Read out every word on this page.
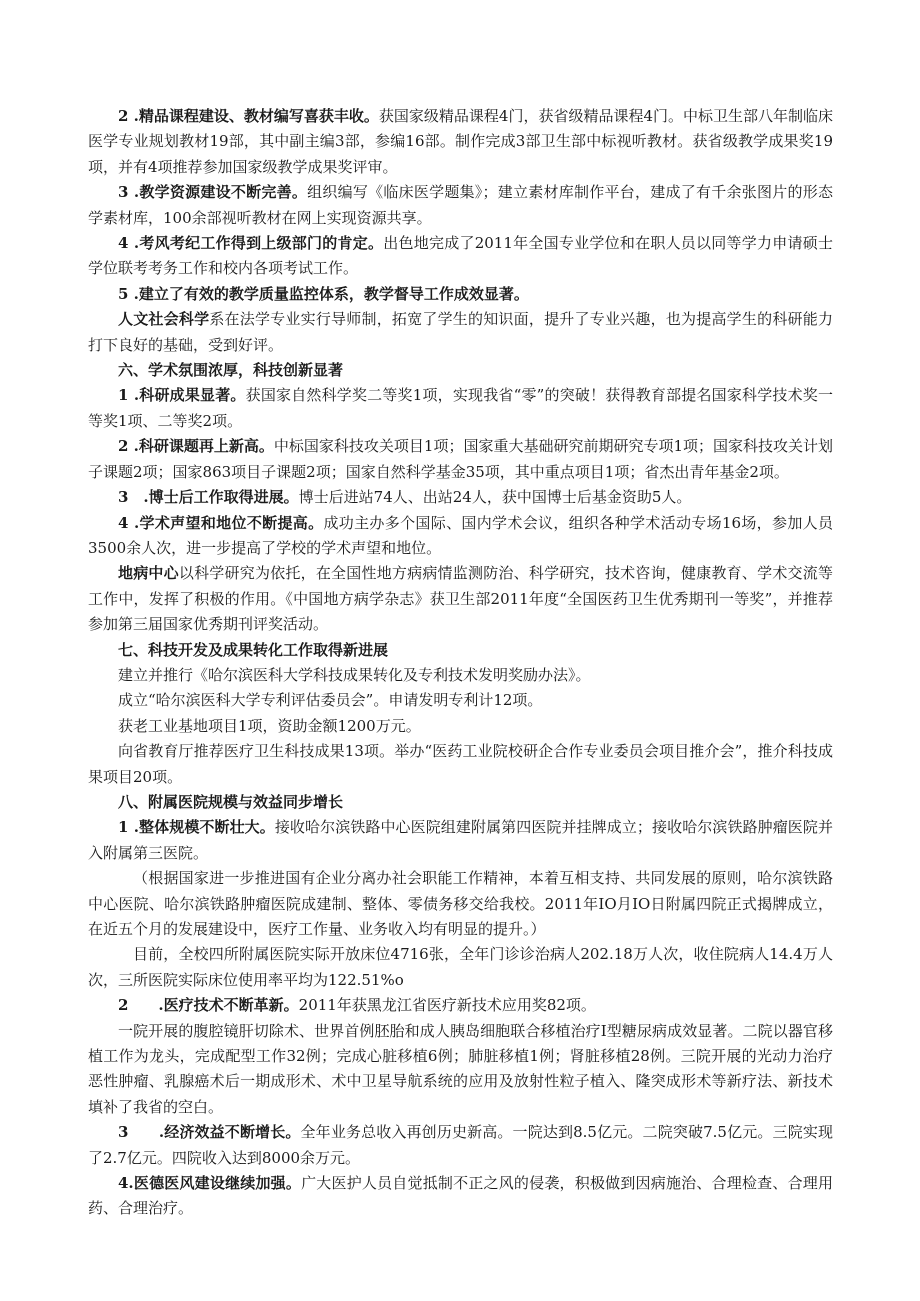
2 .精品课程建设、教材编写喜获丰收。获国家级精品课程4门，获省级精品课程4门。中标卫生部八年制临床医学专业规划教材19部，其中副主编3部，参编16部。制作完成3部卫生部中标视听教材。获省级教学成果奖19项，并有4项推荐参加国家级教学成果奖评审。

3 .教学资源建设不断完善。组织编写《临床医学题集》；建立素材库制作平台，建成了有千余张图片的形态学素材库，100余部视听教材在网上实现资源共享。

4 .考风考纪工作得到上级部门的肯定。出色地完成了2011年全国专业学位和在职人员以同等学力申请硕士学位联考考务工作和校内各项考试工作。

5 .建立了有效的教学质量监控体系，教学督导工作成效显著。

人文社会科学系在法学专业实行导师制，拓宽了学生的知识面，提升了专业兴趣，也为提高学生的科研能力打下良好的基础，受到好评。

六、学术氛围浓厚，科技创新显著

1 .科研成果显著。获国家自然科学奖二等奖1项，实现我省“零”的突破！获得教育部提名国家科学技术奖一等奖1项、二等奖2项。

2 .科研课题再上新高。中标国家科技攻关项目1项；国家重大基础研究前期研究专项1项；国家科技攻关计划子课题2项；国家863项目子课题2项；国家自然科学基金35项，其中重点项目1项；省杰出青年基金2项。

3　.博士后工作取得进展。博士后进站74人、出站24人，获中国博士后基金资助5人。

4 .学术声望和地位不断提高。成功主办多个国际、国内学术会议，组织各种学术活动专场16场，参加人员3500余人次，进一步提高了学校的学术声望和地位。

地病中心以科学研究为依托，在全国性地方病病情监测防治、科学研究，技术咨询，健康教育、学术交流等工作中，发挥了积极的作用。《中国地方病学杂志》获卫生部2011年度“全国医药卫生优秀期刊一等奖”，并推荐参加第三届国家优秀期刊评奖活动。

七、科技开发及成果转化工作取得新进展

建立并推行《哈尔滨医科大学科技成果转化及专利技术发明奖励办法》。

成立“哈尔滨医科大学专利评估委员会”。申请发明专利计12项。

获老工业基地项目1项，资助金额1200万元。

向省教育厅推荐医疗卫生科技成果13项。举办“医药工业院校研企合作专业委员会项目推介会”，推介科技成果项目20项。

八、附属医院规模与效益同步增长

1 .整体规模不断壮大。接收哈尔滨铁路中心医院组建附属第四医院并挂牌成立；接收哈尔滨铁路肿瘤医院并入附属第三医院。

（根据国家进一步推进国有企业分离办社会职能工作精神，本着互相支持、共同发展的原则，哈尔滨铁路中心医院、哈尔滨铁路肿瘤医院成建制、整体、零债务移交给我校。2011年IO月IO日附属四院正式揭牌成立，在近五个月的发展建设中，医疗工作量、业务收入均有明显的提升。）

目前，全校四所附属医院实际开放床位4716张，全年门诊诊治病人202.18万人次，收住院病人14.4万人次，三所医院实际床位使用率平均为122.51%o

2　　.医疗技术不断革新。2011年获黑龙江省医疗新技术应用奖82项。

一院开展的腹腔镜肝切除术、世界首例胚胎和成人胰岛细胞联合移植治疗I型糖尿病成效显著。二院以器官移植工作为龙头，完成配型工作32例；完成心脏移植6例；肺脏移植1例；肾脏移植28例。三院开展的光动力治疗恶性肿瘤、乳腺癌术后一期成形术、术中卫星导航系统的应用及放射性粒子植入、隆突成形术等新疗法、新技术填补了我省的空白。

3　　.经济效益不断增长。全年业务总收入再创历史新高。一院达到8.5亿元。二院突破7.5亿元。三院实现了2.7亿元。四院收入达到8000余万元。

4.医德医风建设继续加强。广大医护人员自觉抵制不正之风的侵袭，积极做到因病施治、合理检查、合理用药、合理治疗。
